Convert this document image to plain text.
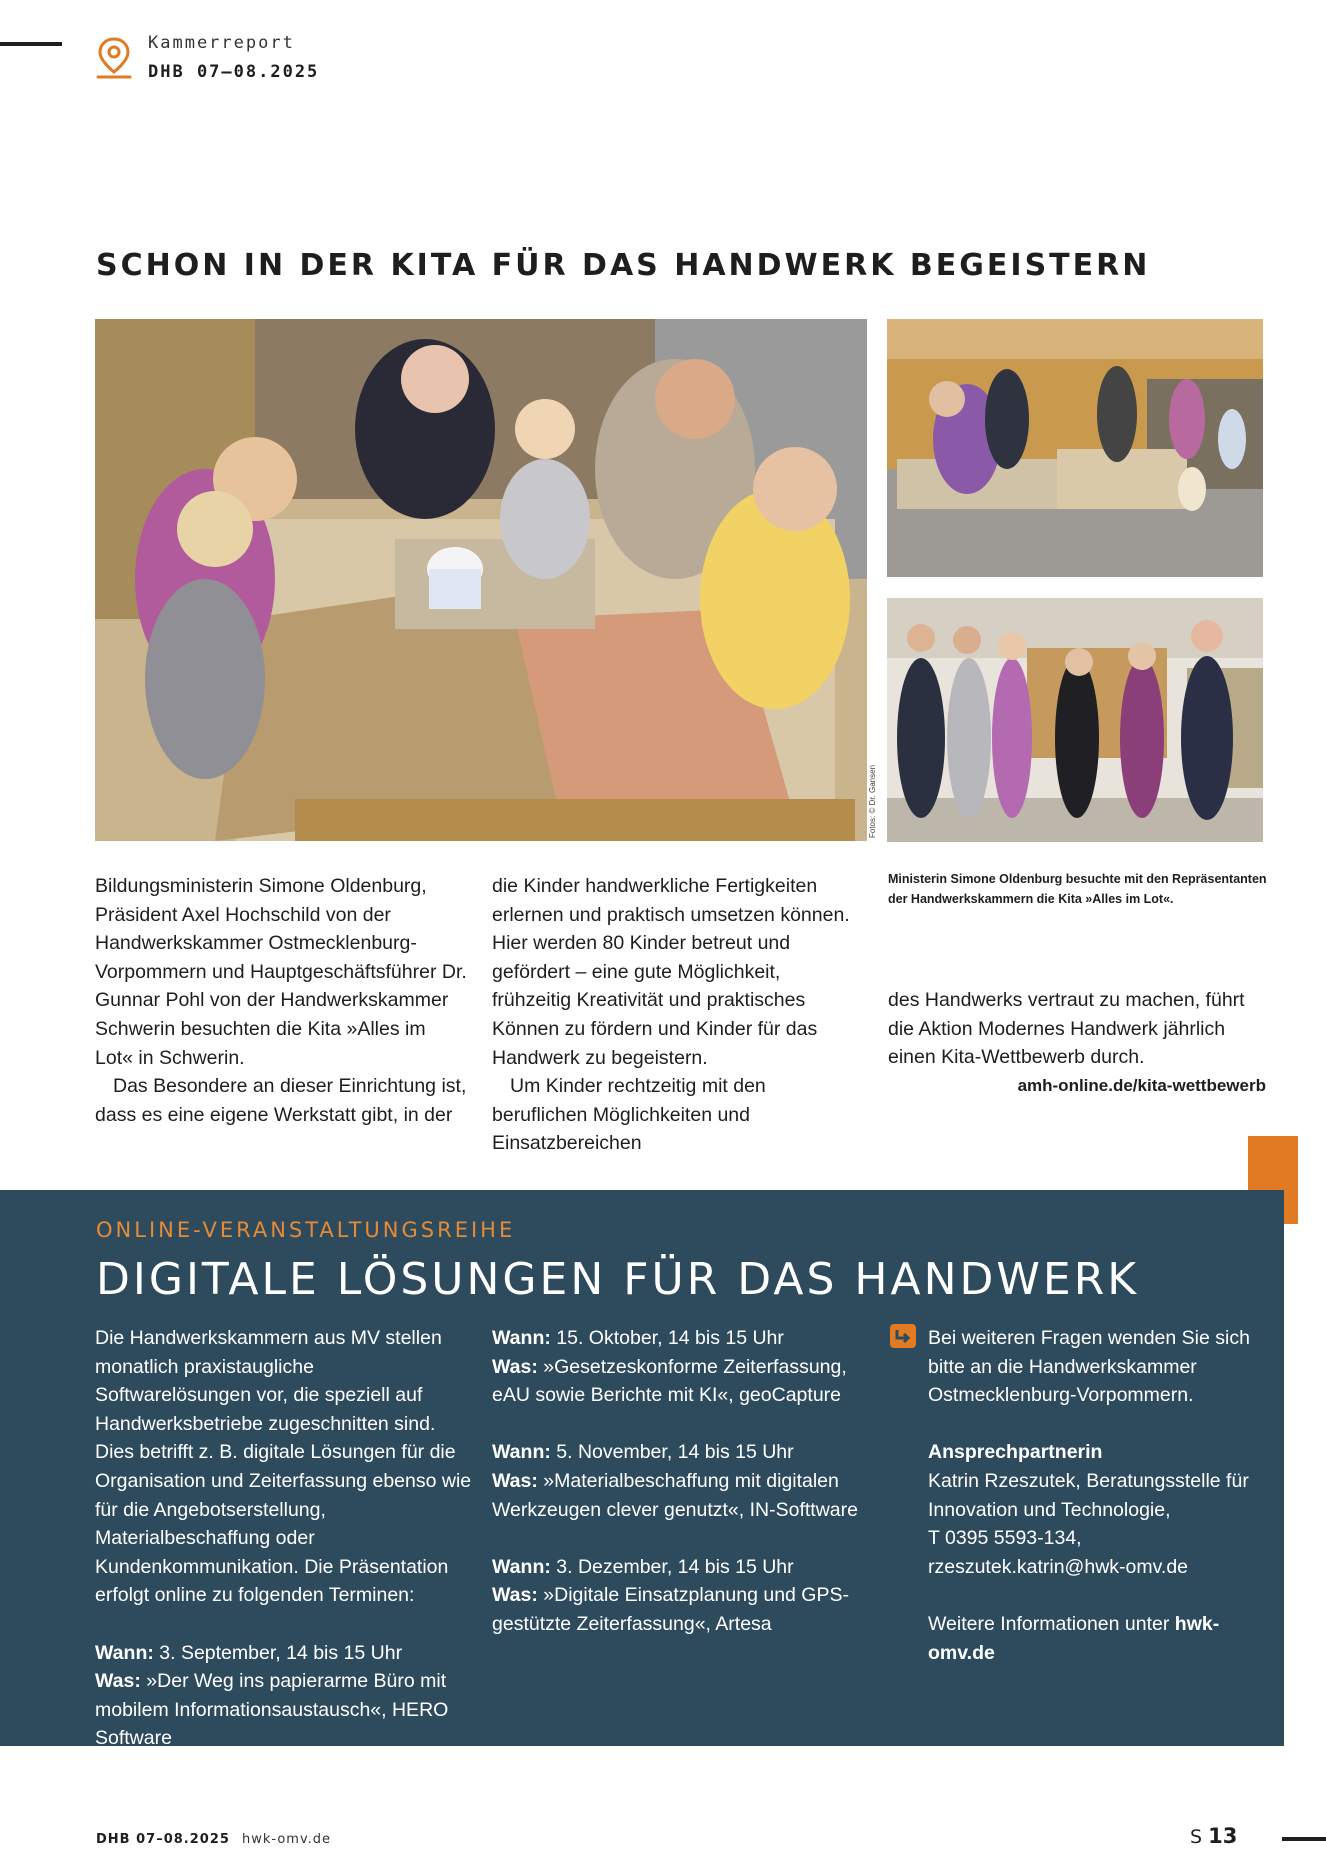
Kammerreport
DHB 07–08.2025
SCHON IN DER KITA FÜR DAS HANDWERK BEGEISTERN
Fotos: © Dr. Gansen

Bildungsministerin Simone Oldenburg, Präsident Axel Hochschild von der Handwerkskammer Ostmecklenburg-Vorpommern und Hauptgeschäftsführer Dr. Gunnar Pohl von der Handwerkskammer Schwerin besuchten die Kita »Alles im Lot« in Schwerin.

Das Besondere an dieser Einrichtung ist, dass es eine eigene Werkstatt gibt, in der

die Kinder handwerkliche Fertigkeiten erlernen und praktisch umsetzen können. Hier werden 80 Kinder betreut und gefördert – eine gute Möglichkeit, frühzeitig Kreativität und praktisches Können zu fördern und Kinder für das Handwerk zu begeistern.

Um Kinder rechtzeitig mit den beruflichen Möglichkeiten und Einsatzbereichen

Ministerin Simone Oldenburg besuchte mit den Repräsentanten der Handwerkskammern die Kita »Alles im Lot«.

des Handwerks vertraut zu machen, führt die Aktion Modernes Handwerk jährlich einen Kita-Wettbewerb durch.

amh-online.de/kita-wettbewerb

ONLINE-VERANSTALTUNGSREIHE
DIGITALE LÖSUNGEN FÜR DAS HANDWERK

Die Handwerkskammern aus MV stellen monatlich praxistaugliche Softwarelösungen vor, die speziell auf Handwerksbetriebe zugeschnitten sind. Dies betrifft z. B. digitale Lösungen für die Organisation und Zeiterfassung ebenso wie für die Angebotserstellung, Materialbeschaffung oder Kundenkommunikation. Die Präsentation erfolgt online zu folgenden Terminen:

Wann: 3. September, 14 bis 15 Uhr

Was: »Der Weg ins papierarme Büro mit mobilem Informationsaustausch«, HERO Software

Wann: 15. Oktober, 14 bis 15 Uhr

Was: »Gesetzeskonforme Zeiterfassung, eAU sowie Berichte mit KI«, geoCapture

Wann: 5. November, 14 bis 15 Uhr

Was: »Materialbeschaffung mit digitalen Werkzeugen clever genutzt«, IN-Softtware

Wann: 3. Dezember, 14 bis 15 Uhr

Was: »Digitale Einsatzplanung und GPS-gestützte Zeiterfassung«, Artesa

Bei weiteren Fragen wenden Sie sich bitte an die Handwerkskammer Ostmecklenburg-Vorpommern.

Ansprechpartnerin

Katrin Rzeszutek, Beratungsstelle für Innovation und Technologie,

T 0395 5593-134,

rzeszutek.katrin@hwk-omv.de

Weitere Informationen unter hwk-omv.de

DHB 07–08.2025 hwk-omv.de	S 13
